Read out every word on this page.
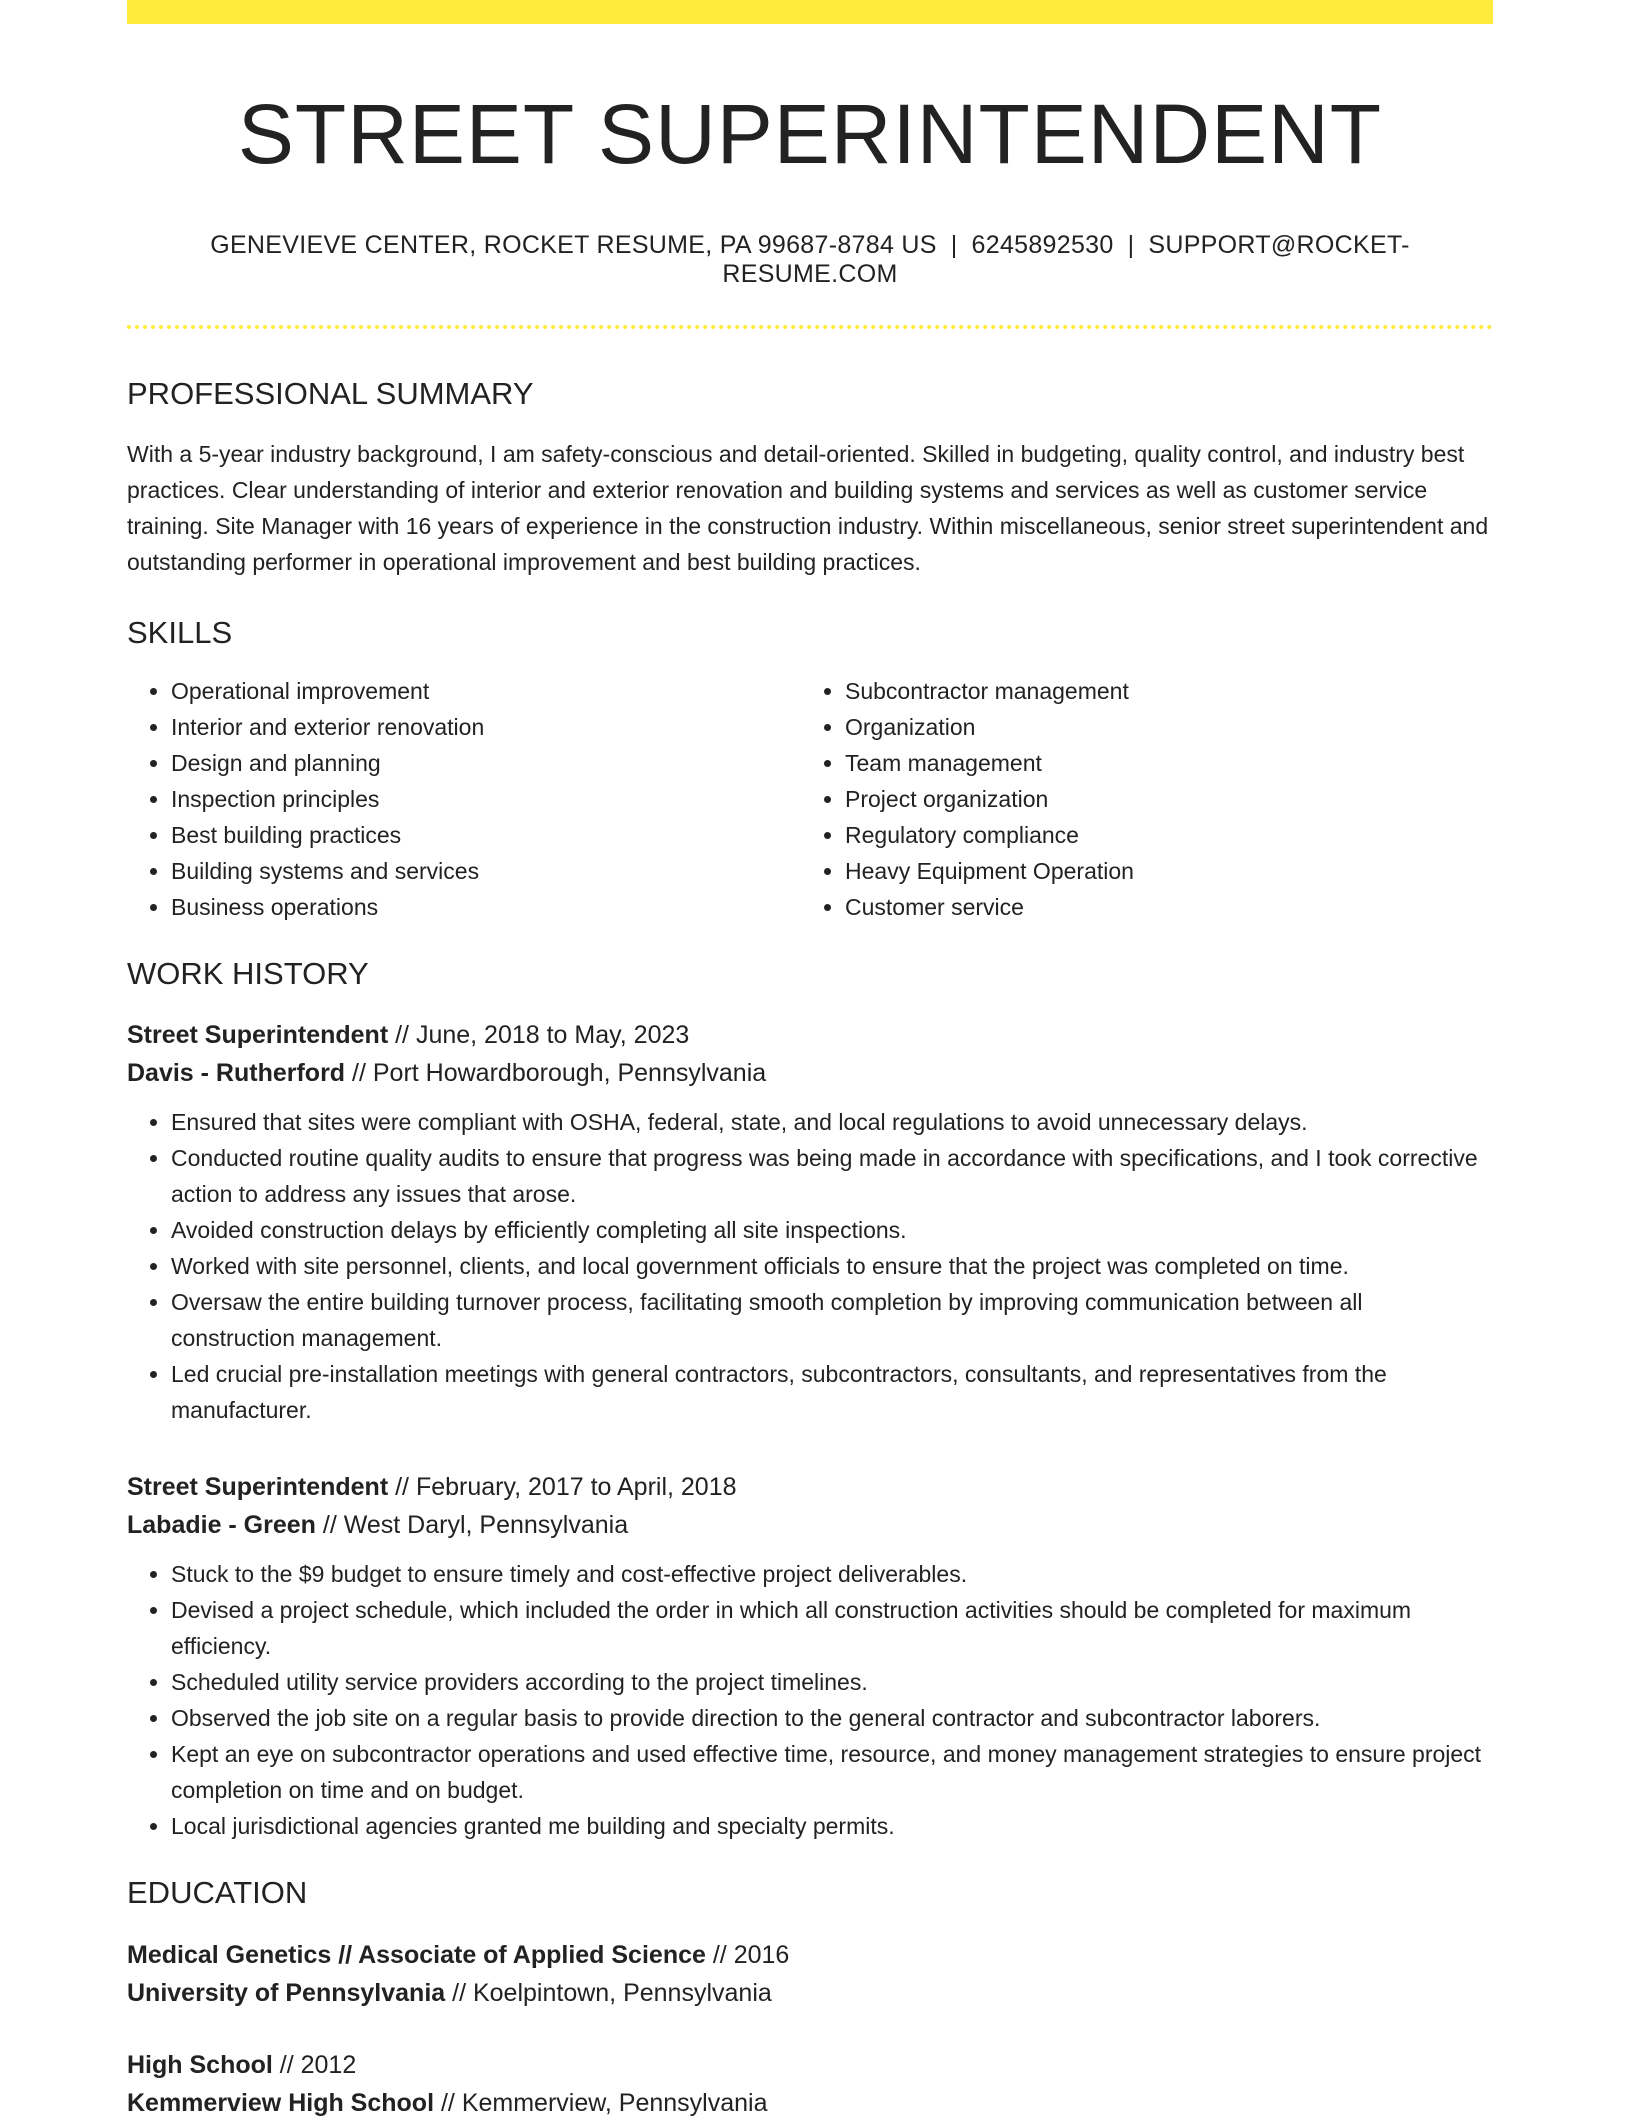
STREET SUPERINTENDENT
GENEVIEVE CENTER, ROCKET RESUME, PA 99687-8784 US | 6245892530 | SUPPORT@ROCKET-RESUME.COM
PROFESSIONAL SUMMARY

With a 5-year industry background, I am safety-conscious and detail-oriented. Skilled in budgeting, quality control, and industry best practices. Clear understanding of interior and exterior renovation and building systems and services as well as customer service training. Site Manager with 16 years of experience in the construction industry. Within miscellaneous, senior street superintendent and outstanding performer in operational improvement and best building practices.

SKILLS
• Operational improvement
• Interior and exterior renovation
• Design and planning
• Inspection principles
• Best building practices
• Building systems and services
• Business operations
• Subcontractor management
• Organization
• Team management
• Project organization
• Regulatory compliance
• Heavy Equipment Operation
• Customer service
WORK HISTORY
Street Superintendent // June, 2018 to May, 2023
Davis - Rutherford // Port Howardborough, Pennsylvania
• Ensured that sites were compliant with OSHA, federal, state, and local regulations to avoid unnecessary delays.
• Conducted routine quality audits to ensure that progress was being made in accordance with specifications, and I took corrective action to address any issues that arose.
• Avoided construction delays by efficiently completing all site inspections.
• Worked with site personnel, clients, and local government officials to ensure that the project was completed on time.
• Oversaw the entire building turnover process, facilitating smooth completion by improving communication between all construction management.
• Led crucial pre-installation meetings with general contractors, subcontractors, consultants, and representatives from the manufacturer.
Street Superintendent // February, 2017 to April, 2018
Labadie - Green // West Daryl, Pennsylvania
• Stuck to the $9 budget to ensure timely and cost-effective project deliverables.
• Devised a project schedule, which included the order in which all construction activities should be completed for maximum efficiency.
• Scheduled utility service providers according to the project timelines.
• Observed the job site on a regular basis to provide direction to the general contractor and subcontractor laborers.
• Kept an eye on subcontractor operations and used effective time, resource, and money management strategies to ensure project completion on time and on budget.
• Local jurisdictional agencies granted me building and specialty permits.
EDUCATION
Medical Genetics // Associate of Applied Science // 2016
University of Pennsylvania // Koelpintown, Pennsylvania
High School // 2012
Kemmerview High School // Kemmerview, Pennsylvania
